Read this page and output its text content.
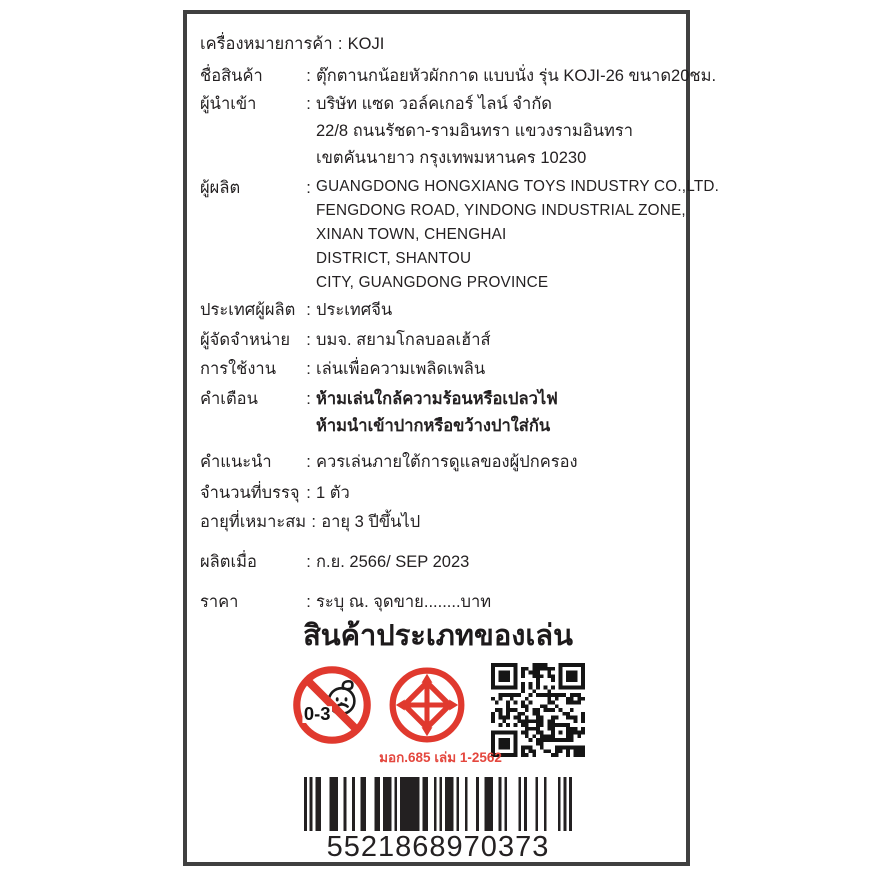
เครื่องหมายการค้า : KOJI
ชื่อสินค้า	: ตุ๊กตานกน้อยหัวผักกาด แบบนั่ง รุ่น KOJI-26 ขนาด20ชม.
ผู้นำเข้า	: บริษัท แซด วอล์คเกอร์ ไลน์ จำกัด
22/8 ถนนรัชดา-รามอินทรา แขวงรามอินทรา
เขตคันนายาว กรุงเทพมหานคร 10230
ผู้ผลิต	: GUANGDONG HONGXIANG TOYS INDUSTRY CO.,LTD.
FENGDONG ROAD, YINDONG INDUSTRIAL ZONE,
XINAN TOWN, CHENGHAI
DISTRICT, SHANTOU
CITY, GUANGDONG PROVINCE
ประเทศผู้ผลิต : ประเทศจีน
ผู้จัดจำหน่าย : บมจ. สยามโกลบอลเฮ้าส์
การใช้งาน	: เล่นเพื่อความเพลิดเพลิน
คำเตือน	: ห้ามเล่นใกล้ความร้อนหรือเปลวไฟ
ห้ามนำเข้าปากหรือขว้างปาใส่กัน
คำแนะนำ	: ควรเล่นภายใต้การดูแลของผู้ปกครอง
จำนวนที่บรรจุ : 1 ตัว
อายุที่เหมาะสม : อายุ 3 ปีขึ้นไป
ผลิตเมื่อ	: ก.ย. 2566/ SEP 2023
ราคา	: ระบุ ณ. จุดขาย........บาท
สินค้าประเภทของเล่น
0-3
มอก.685 เล่ม 1-2562
5521868970373
